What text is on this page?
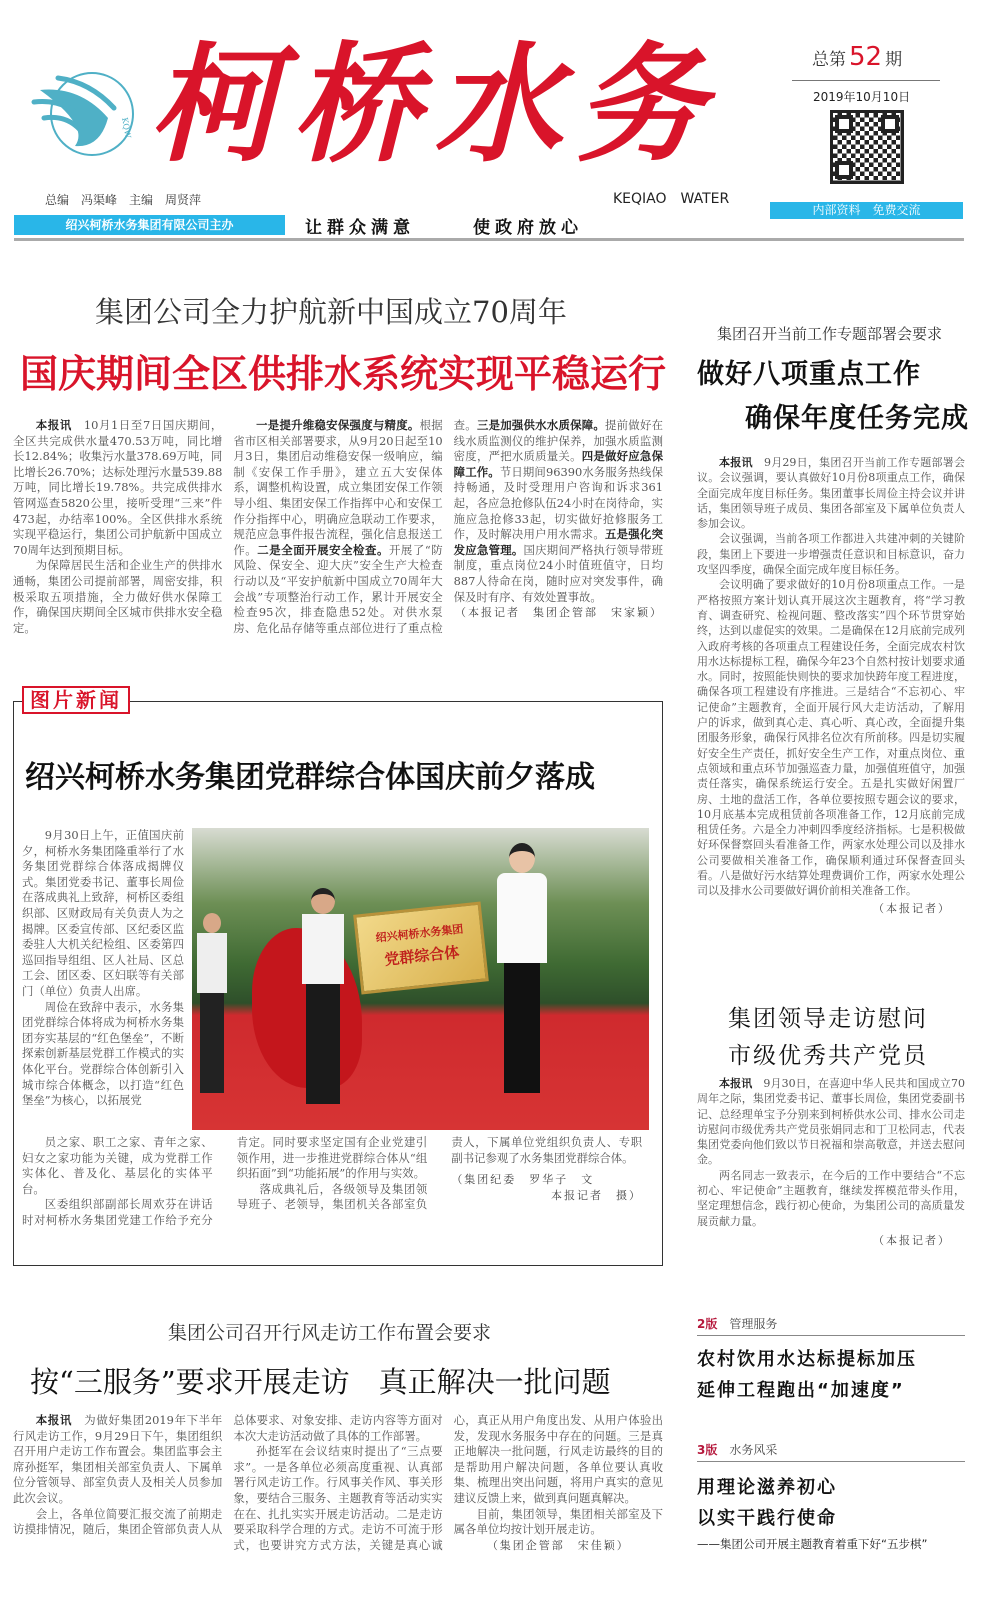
KQW 柯桥水务	总第 52 期
2019年10月10日
总编　冯渠峰　主编　周贤萍	KEQIAO　WATER
绍兴柯桥水务集团有限公司主办	让群众满意	使政府放心
内部资料　免费交流
集团公司全力护航新中国成立70周年
国庆期间全区供排水系统实现平稳运行

本报讯　10月1日至7日国庆期间，全区共完成供水量470.53万吨，同比增长12.84%；收集污水量378.69万吨，同比增长26.70%；达标处理污水量539.88万吨，同比增长19.78%。共完成供排水管网巡查5820公里，接听受理“三来”件473起，办结率100%。全区供排水系统实现平稳运行，集团公司护航新中国成立70周年达到预期目标。

为保障居民生活和企业生产的供排水通畅，集团公司提前部署，周密安排，积极采取五项措施，全力做好供水保障工作，确保国庆期间全区城市供排水安全稳定。

一是提升维稳安保强度与精度。根据省市区相关部署要求，从9月20日起至10月3日，集团启动维稳安保一级响应，编制《安保工作手册》，建立五大安保体系，调整机构设置，成立集团安保工作领导小组、集团安保工作指挥中心和安保工作分指挥中心，明确应急联动工作要求，规范应急事件报告流程，强化信息报送工作。二是全面开展安全检查。开展了“防风险、保安全、迎大庆”安全生产大检查行动以及“平安护航新中国成立70周年大会战”专项整治行动工作，累计开展安全检查95次，排查隐患52处。对供水泵房、危化品存储等重点部位进行了重点检查。三是加强供水水质保障。提前做好在线水质监测仪的维护保养，加强水质监测密度，严把水质质量关。四是做好应急保障工作。节日期间96390水务服务热线保持畅通，及时受理用户咨询和诉求361起，各应急抢修队伍24小时在岗待命，实施应急抢修33起，切实做好抢修服务工作，及时解决用户用水需求。五是强化突发应急管理。国庆期间严格执行领导带班制度，重点岗位24小时值班值守，日均887人待命在岗，随时应对突发事件，确保及时有序、有效处置事故。

（本报记者　集团企管部　宋家颖）
集团召开当前工作专题部署会要求
做好八项重点工作
确保年度任务完成

本报讯　9月29日，集团召开当前工作专题部署会议。会议强调，要认真做好10月份8项重点工作，确保全面完成年度目标任务。集团董事长周俭主持会议并讲话，集团领导班子成员、集团各部室及下属单位负责人参加会议。

会议强调，当前各项工作都进入共建冲刺的关键阶段，集团上下要进一步增强责任意识和目标意识，奋力攻坚四季度，确保全面完成年度目标任务。

会议明确了要求做好的10月份8项重点工作。一是严格按照方案计划认真开展这次主题教育，将“学习教育、调查研究、检视问题、整改落实”四个环节贯穿始终，达到以虚促实的效果。二是确保在12月底前完成列入政府考核的各项重点工程建设任务，全面完成农村饮用水达标提标工程，确保今年23个自然村按计划要求通水。同时，按照能快则快的要求加快跨年度工程进度，确保各项工程建设有序推进。三是结合“不忘初心、牢记使命”主题教育，全面开展行风大走访活动，了解用户的诉求，做到真心走、真心听、真心改，全面提升集团服务形象，确保行风排名位次有所前移。四是切实履好安全生产责任，抓好安全生产工作，对重点岗位、重点领域和重点环节加强巡查力量，加强值班值守，加强责任落实，确保系统运行安全。五是扎实做好闲置厂房、土地的盘活工作，各单位要按照专题会议的要求，10月底基本完成租赁前各项准备工作，12月底前完成租赁任务。六是全力冲刺四季度经济指标。七是积极做好环保督察回头看准备工作，两家水处理公司以及排水公司要做相关准备工作，确保顺利通过环保督查回头看。八是做好污水结算处理费调价工作，两家水处理公司以及排水公司要做好调价前相关准备工作。

（本报记者）
图片新闻
绍兴柯桥水务集团党群综合体国庆前夕落成

9月30日上午，正值国庆前夕，柯桥水务集团隆重举行了水务集团党群综合体落成揭牌仪式。集团党委书记、董事长周俭在落成典礼上致辞，柯桥区委组织部、区财政局有关负责人为之揭牌。区委宣传部、区纪委区监委驻人大机关纪检组、区委第四巡回指导组组、区人社局、区总工会、团区委、区妇联等有关部门（单位）负责人出席。

周俭在致辞中表示，水务集团党群综合体将成为柯桥水务集团夯实基层的“红色堡垒”，不断探索创新基层党群工作模式的实体化平台。党群综合体创新引入城市综合体概念，以打造“红色堡垒”为核心，以拓展党

绍兴柯桥水务集团
党群综合体

员之家、职工之家、青年之家、妇女之家功能为关键，成为党群工作实体化、普及化、基层化的实体平台。

区委组织部副部长周欢芬在讲话时对柯桥水务集团党建工作给予充分肯定。同时要求坚定国有企业党建引领作用，进一步推进党群综合体从“组织拓面”到“功能拓展”的作用与实效。

落成典礼后，各级领导及集团领导班子、老领导，集团机关各部室负责人，下属单位党组织负责人、专职副书记参观了水务集团党群综合体。

（集团纪委　罗华子　文
本报记者　摄）
集团领导走访慰问
市级优秀共产党员

本报讯　9月30日，在喜迎中华人民共和国成立70周年之际，集团党委书记、董事长周俭，集团党委副书记、总经理单宝予分别来到柯桥供水公司、排水公司走访慰问市级优秀共产党员张娟同志和丁卫松同志，代表集团党委向他们致以节日祝福和崇高敬意，并送去慰问金。

两名同志一致表示，在今后的工作中要结合“不忘初心、牢记使命”主题教育，继续发挥模范带头作用，坚定理想信念，践行初心使命，为集团公司的高质量发展贡献力量。

（本报记者）
集团公司召开行风走访工作布置会要求
按“三服务”要求开展走访　真正解决一批问题

本报讯　为做好集团2019年下半年行风走访工作，9月29日下午，集团组织召开用户走访工作布置会。集团监事会主席孙挺军，集团相关部室负责人、下属单位分管领导、部室负责人及相关人员参加此次会议。

会上，各单位简要汇报交流了前期走访摸排情况，随后，集团企管部负责人从总体要求、对象安排、走访内容等方面对本次大走访活动做了具体的工作部署。

孙挺军在会议结束时提出了“三点要求”。一是各单位必须高度重视、认真部署行风走访工作。行风事关作风、事关形象，要结合三服务、主题教育等活动实实在在、扎扎实实开展走访活动。二是走访要采取科学合理的方式。走访不可流于形式，也要讲究方式方法，关键是真心诚心，真正从用户角度出发、从用户体验出发，发现水务服务中存在的问题。三是真正地解决一批问题，行风走访最终的目的是帮助用户解决问题，各单位要认真收集、梳理出突出问题，将用户真实的意见建议反馈上来，做到真问题真解决。

目前，集团领导，集团相关部室及下属各单位均按计划开展走访。

（集团企管部　宋佳颖）
2版 管理服务
农村饮用水达标提标加压
延伸工程跑出“加速度”
3版 水务风采
用理论滋养初心
以实干践行使命
——集团公司开展主题教育着重下好“五步棋”
